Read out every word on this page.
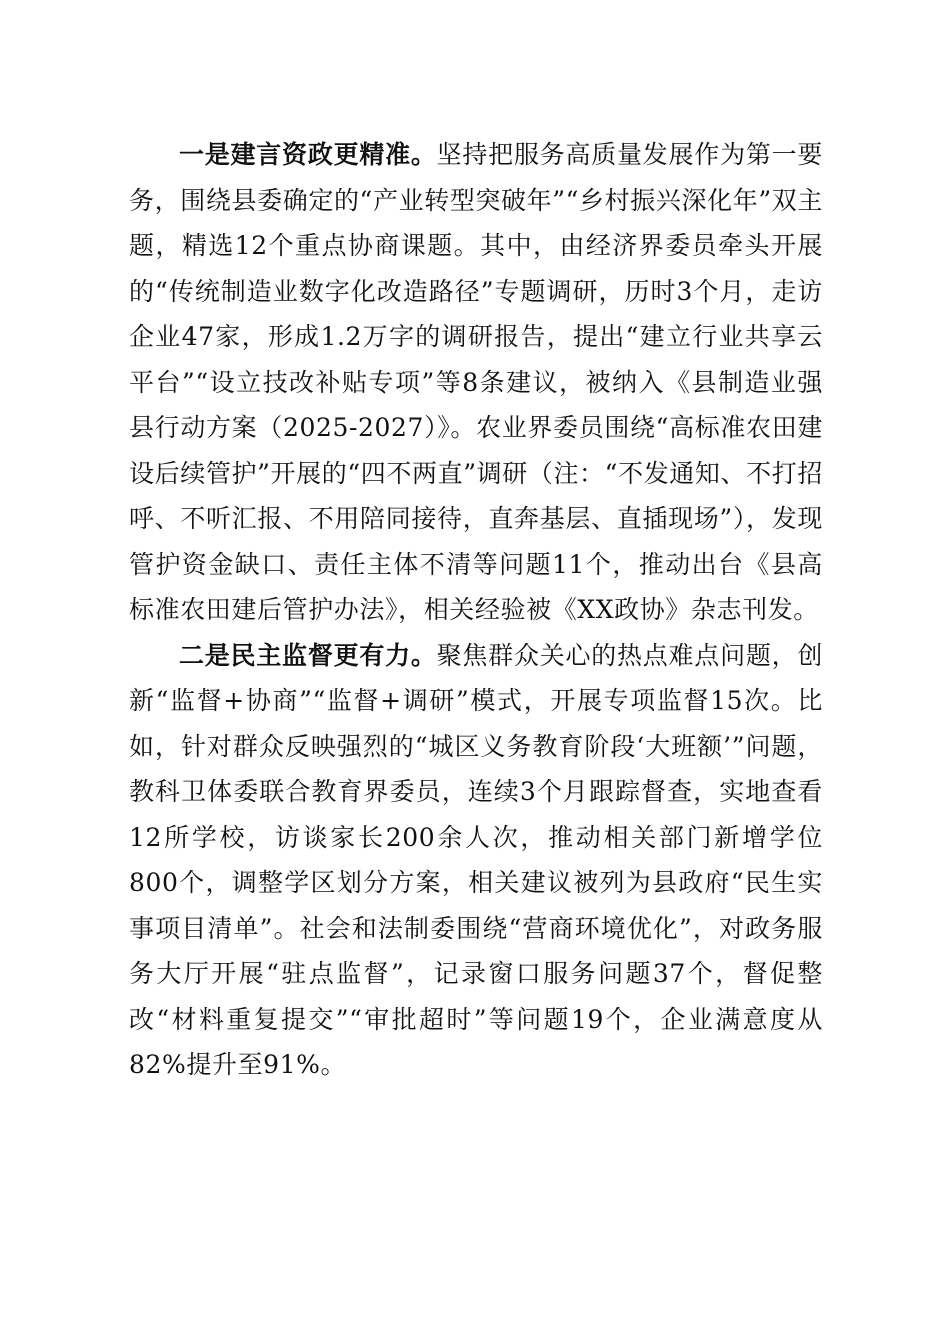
一是建言资政更精准。坚持把服务高质量发展作为第一要务，围绕县委确定的“产业转型突破年”“乡村振兴深化年”双主题，精选12个重点协商课题。其中，由经济界委员牵头开展的“传统制造业数字化改造路径”专题调研，历时3个月，走访企业47家，形成1.2万字的调研报告，提出“建立行业共享云平台”“设立技改补贴专项”等8条建议，被纳入《县制造业强县行动方案（2025-2027）》。农业界委员围绕“高标准农田建设后续管护”开展的“四不两直”调研（注：“不发通知、不打招呼、不听汇报、不用陪同接待，直奔基层、直插现场”），发现管护资金缺口、责任主体不清等问题11个，推动出台《县高标准农田建后管护办法》，相关经验被《XX政协》杂志刊发。

二是民主监督更有力。聚焦群众关心的热点难点问题，创新“监督+协商”“监督+调研”模式，开展专项监督15次。比如，针对群众反映强烈的“城区义务教育阶段‘大班额’”问题，教科卫体委联合教育界委员，连续3个月跟踪督查，实地查看12所学校，访谈家长200余人次，推动相关部门新增学位800个，调整学区划分方案，相关建议被列为县政府“民生实事项目清单”。社会和法制委围绕“营商环境优化”，对政务服务大厅开展“驻点监督”，记录窗口服务问题37个，督促整改“材料重复提交”“审批超时”等问题19个，企业满意度从82%提升至91%。
